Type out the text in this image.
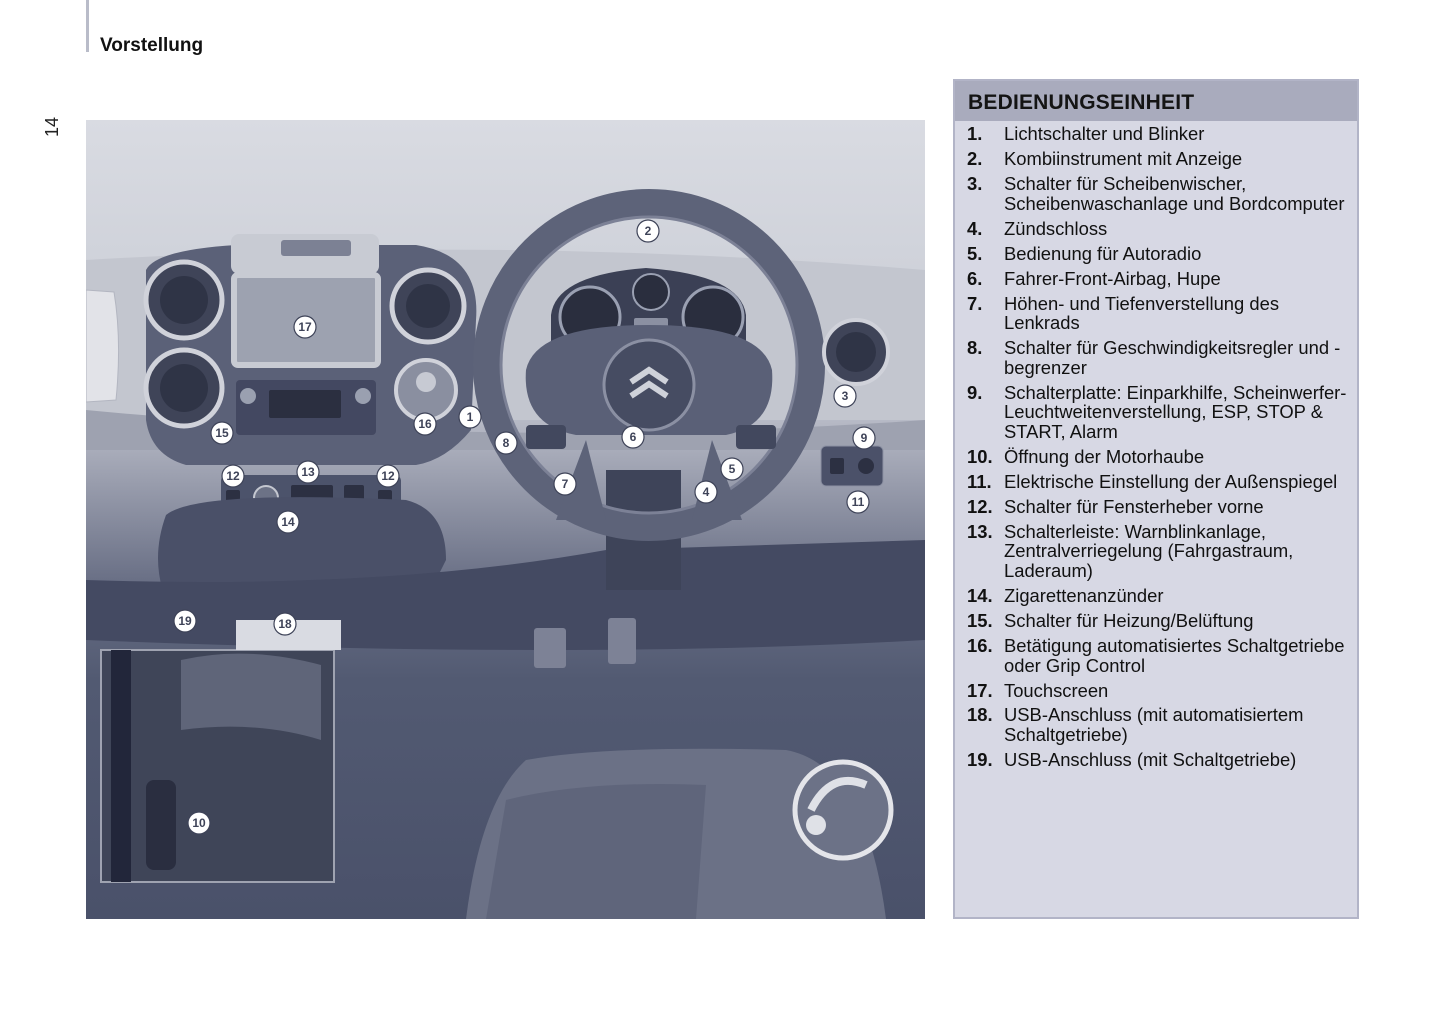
Vorstellung
14
1
2
3
4
5
6
7
8	9
10
11
12	12
13
14
15
16
17
18
19
BEDIENUNGSEINHEIT
1.	Lichtschalter und Blinker
2.	Kombiinstrument mit Anzeige
3.	Schalter für Scheibenwischer, Scheibenwaschanlage und Bordcomputer
4.	Zündschloss
5.	Bedienung für Autoradio
6.	Fahrer-Front-Airbag, Hupe
7.	Höhen- und Tiefenverstellung des Lenkrads
8.	Schalter für Geschwindigkeitsregler und - begrenzer
9.	Schalterplatte: Einparkhilfe, Scheinwerfer-Leuchtweitenverstellung, ESP, STOP & START, Alarm
10. Öffnung der Motorhaube
11. Elektrische Einstellung der Außenspiegel
12. Schalter für Fensterheber vorne
13. Schalterleiste: Warnblinkanlage, Zentralverriegelung (Fahrgastraum, Laderaum)
14. Zigarettenanzünder
15. Schalter für Heizung/Belüftung
16. Betätigung automatisiertes Schaltgetriebe oder Grip Control
17. Touchscreen
18. USB-Anschluss (mit automatisiertem Schaltgetriebe)
19. USB-Anschluss (mit Schaltgetriebe)
